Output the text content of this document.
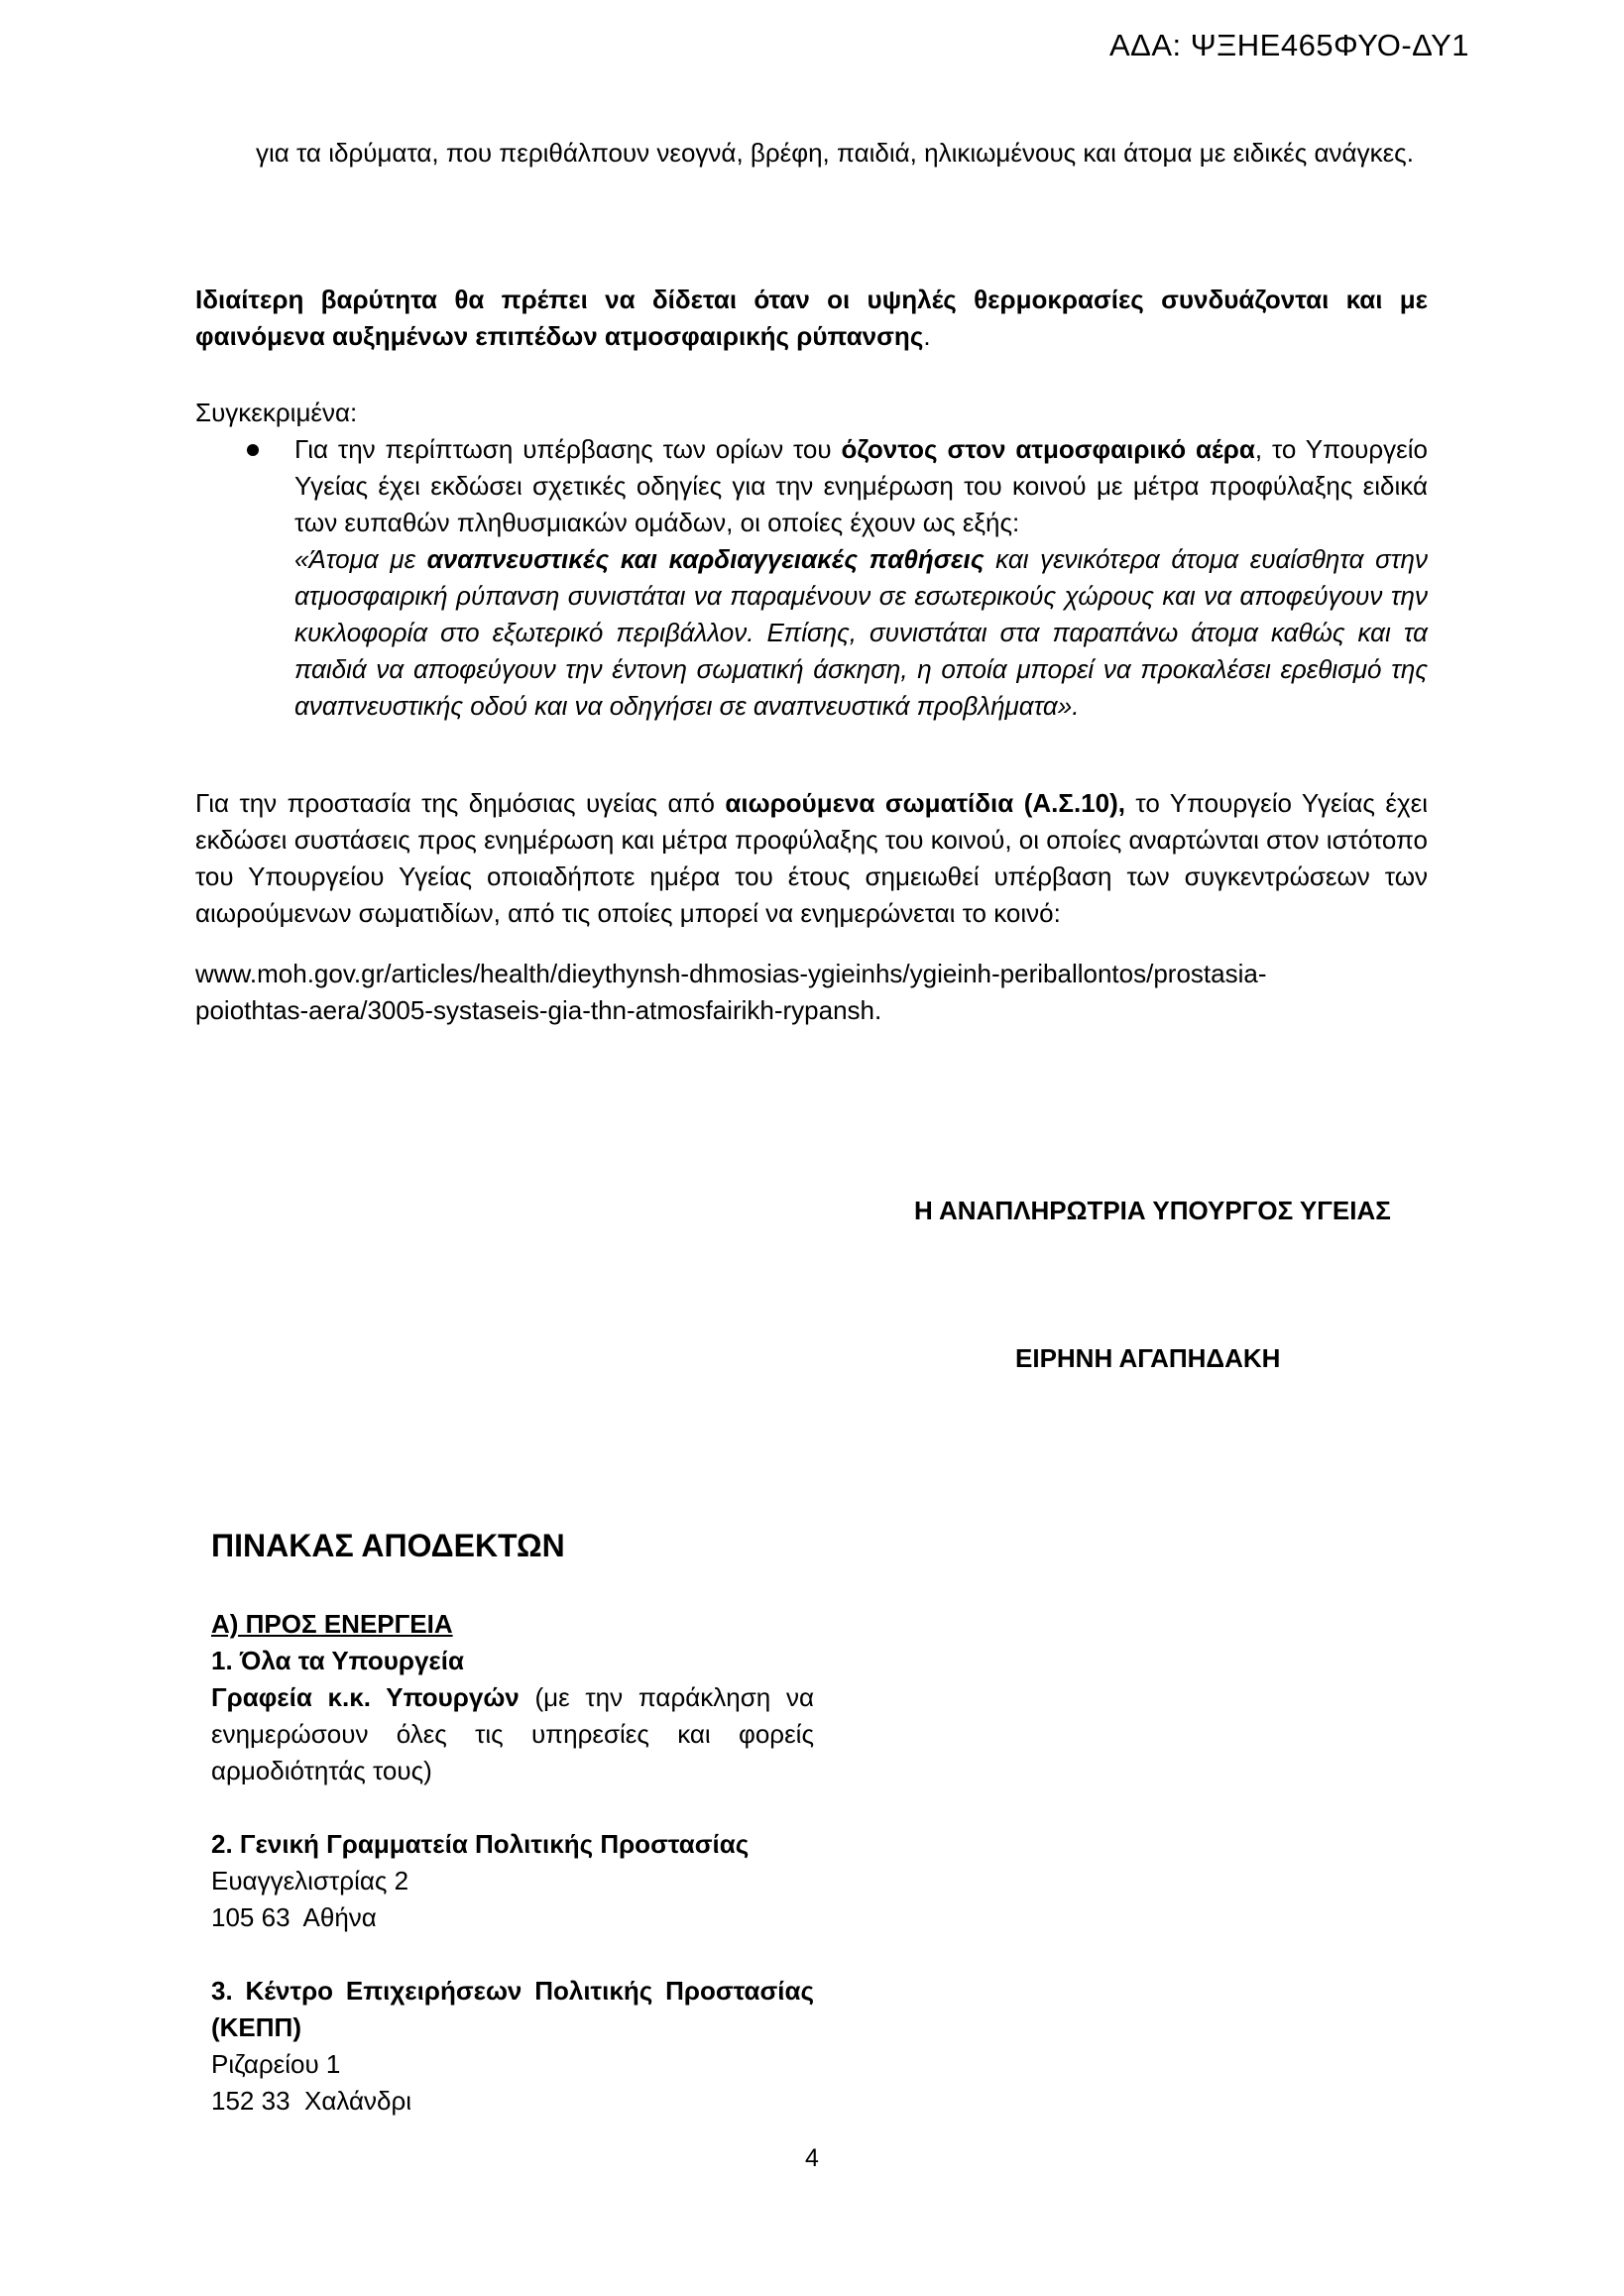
ΑΔΑ: ΨΞΗΕ465ΦΥΟ-ΔΥ1

για τα ιδρύματα, που περιθάλπουν νεογνά, βρέφη, παιδιά, ηλικιωμένους και άτομα με ειδικές ανάγκες.

Ιδιαίτερη βαρύτητα θα πρέπει να δίδεται όταν οι υψηλές θερμοκρασίες συνδυάζονται και με φαινόμενα αυξημένων επιπέδων ατμοσφαιρικής ρύπανσης.

Συγκεκριμένα:

Για την περίπτωση υπέρβασης των ορίων του όζοντος στον ατμοσφαιρικό αέρα, το Υπουργείο Υγείας έχει εκδώσει σχετικές οδηγίες για την ενημέρωση του κοινού με μέτρα προφύλαξης ειδικά των ευπαθών πληθυσμιακών ομάδων, οι οποίες έχουν ως εξής:

«Άτομα με αναπνευστικές και καρδιαγγειακές παθήσεις και γενικότερα άτομα ευαίσθητα στην ατμοσφαιρική ρύπανση συνιστάται να παραμένουν σε εσωτερικούς χώρους και να αποφεύγουν την κυκλοφορία στο εξωτερικό περιβάλλον. Επίσης, συνιστάται στα παραπάνω άτομα καθώς και τα παιδιά να αποφεύγουν την έντονη σωματική άσκηση, η οποία μπορεί να προκαλέσει ερεθισμό της αναπνευστικής οδού και να οδηγήσει σε αναπνευστικά προβλήματα».

Για την προστασία της δημόσιας υγείας από αιωρούμενα σωματίδια (Α.Σ.10), το Υπουργείο Υγείας έχει εκδώσει συστάσεις προς ενημέρωση και μέτρα προφύλαξης του κοινού, οι οποίες αναρτώνται στον ιστότοπο του Υπουργείου Υγείας οποιαδήποτε ημέρα του έτους σημειωθεί υπέρβαση των συγκεντρώσεων των αιωρούμενων σωματιδίων, από τις οποίες μπορεί να ενημερώνεται το κοινό:

www.moh.gov.gr/articles/health/dieythynsh-dhmosias-ygieinhs/ygieinh-periballontos/prostasia-

poiothtas-aera/3005-systaseis-gia-thn-atmosfairikh-rypansh.

Η ΑΝΑΠΛΗΡΩΤΡΙΑ ΥΠΟΥΡΓΟΣ ΥΓΕΙΑΣ
ΕΙΡΗΝΗ ΑΓΑΠΗΔΑΚΗ
ΠΙΝΑΚΑΣ ΑΠΟΔΕΚΤΩΝ

Α) ΠΡΟΣ ΕΝΕΡΓΕΙΑ

1. Όλα τα Υπουργεία

Γραφεία κ.κ. Υπουργών (με την παράκληση να ενημερώσουν όλες τις υπηρεσίες και φορείς αρμοδιότητάς τους)

2. Γενική Γραμματεία Πολιτικής Προστασίας

Ευαγγελιστρίας 2

105 63  Αθήνα

3. Κέντρο Επιχειρήσεων Πολιτικής Προστασίας (ΚΕΠΠ)

Ριζαρείου 1

152 33  Χαλάνδρι

4
